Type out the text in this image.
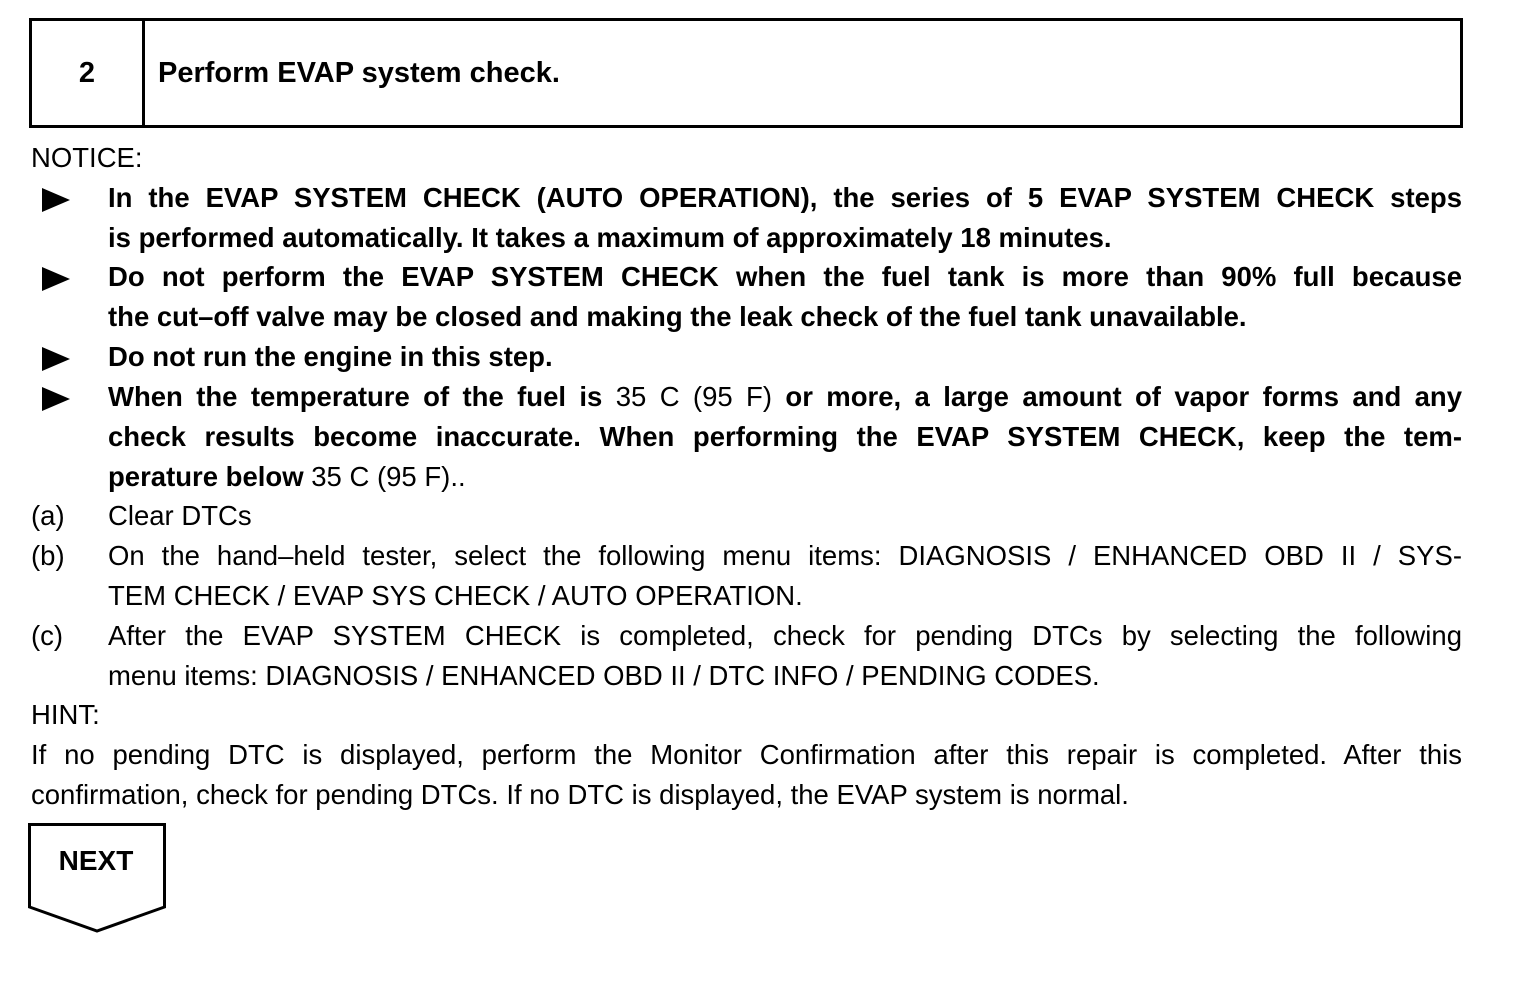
2	Perform EVAP system check.
NOTICE:
In the EVAP SYSTEM CHECK (AUTO OPERATION), the series of 5 EVAP SYSTEM CHECK steps
is performed automatically. It takes a maximum of approximately 18 minutes.
Do not perform the EVAP SYSTEM CHECK when the fuel tank is more than 90% full because
the cut–off valve may be closed and making the leak check of the fuel tank unavailable.
Do not run the engine in this step.
When the temperature of the fuel is 35 C (95 F) or more, a large amount of vapor forms and any
check results become inaccurate. When performing the EVAP SYSTEM CHECK, keep the tem-
perature below 35 C (95 F)..
(a) Clear DTCs
(b) On the hand–held tester, select the following menu items: DIAGNOSIS / ENHANCED OBD II / SYS-
TEM CHECK / EVAP SYS CHECK / AUTO OPERATION.
(c) After the EVAP SYSTEM CHECK is completed, check for pending DTCs by selecting the following
menu items: DIAGNOSIS / ENHANCED OBD II / DTC INFO / PENDING CODES.
HINT:
If no pending DTC is displayed, perform the Monitor Confirmation after this repair is completed. After this
confirmation, check for pending DTCs. If no DTC is displayed, the EVAP system is normal.
NEXT
